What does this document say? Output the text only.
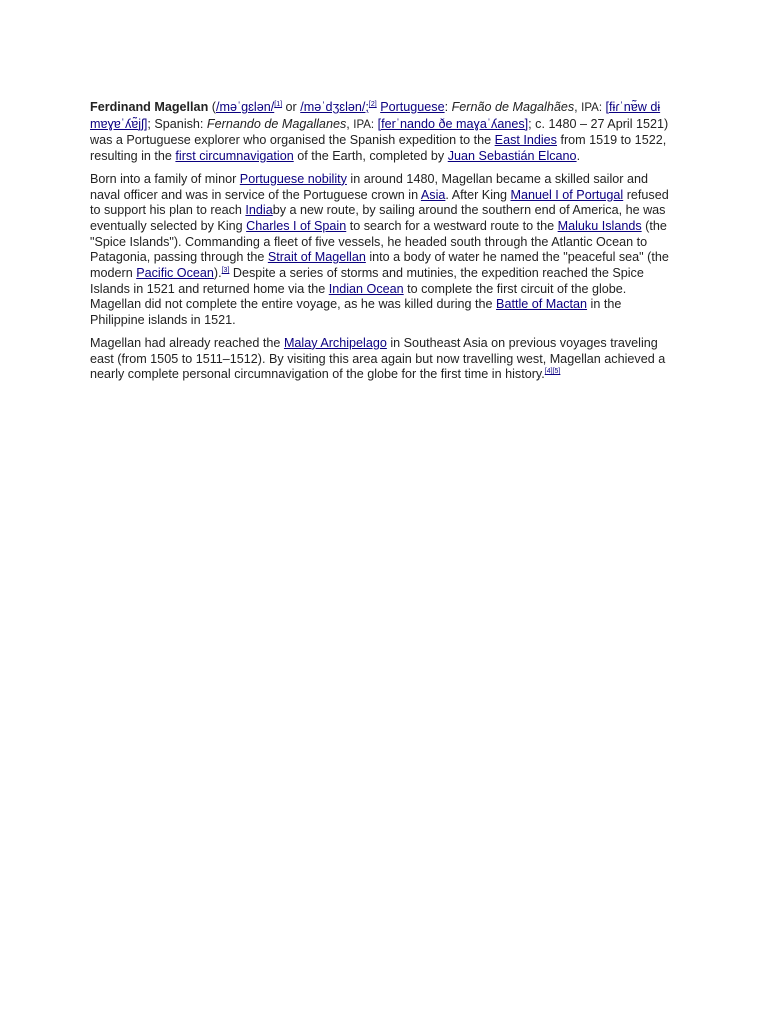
Ferdinand Magellan (/məˈɡɛlən/[1] or /məˈdʒɛlən/;[2] Portuguese: Fernão de Magalhães, IPA: [fɨɾˈnɐ̃w dɨ mɐɣɐˈʎɐ̃jʃ]; Spanish: Fernando de Magallanes, IPA: [ferˈnando ðe maɣaˈʎanes]; c. 1480 – 27 April 1521) was a Portuguese explorer who organised the Spanish expedition to the East Indies from 1519 to 1522, resulting in the first circumnavigation of the Earth, completed by Juan Sebastián Elcano.

Born into a family of minor Portuguese nobility in around 1480, Magellan became a skilled sailor and naval officer and was in service of the Portuguese crown in Asia. After King Manuel I of Portugal refused to support his plan to reach Indiaby a new route, by sailing around the southern end of America, he was eventually selected by King Charles I of Spain to search for a westward route to the Maluku Islands (the "Spice Islands"). Commanding a fleet of five vessels, he headed south through the Atlantic Ocean to Patagonia, passing through the Strait of Magellan into a body of water he named the "peaceful sea" (the modern Pacific Ocean).[3] Despite a series of storms and mutinies, the expedition reached the Spice Islands in 1521 and returned home via the Indian Ocean to complete the first circuit of the globe. Magellan did not complete the entire voyage, as he was killed during the Battle of Mactan in the Philippine islands in 1521.

Magellan had already reached the Malay Archipelago in Southeast Asia on previous voyages traveling east (from 1505 to 1511–1512). By visiting this area again but now travelling west, Magellan achieved a nearly complete personal circumnavigation of the globe for the first time in history.[4][5]
